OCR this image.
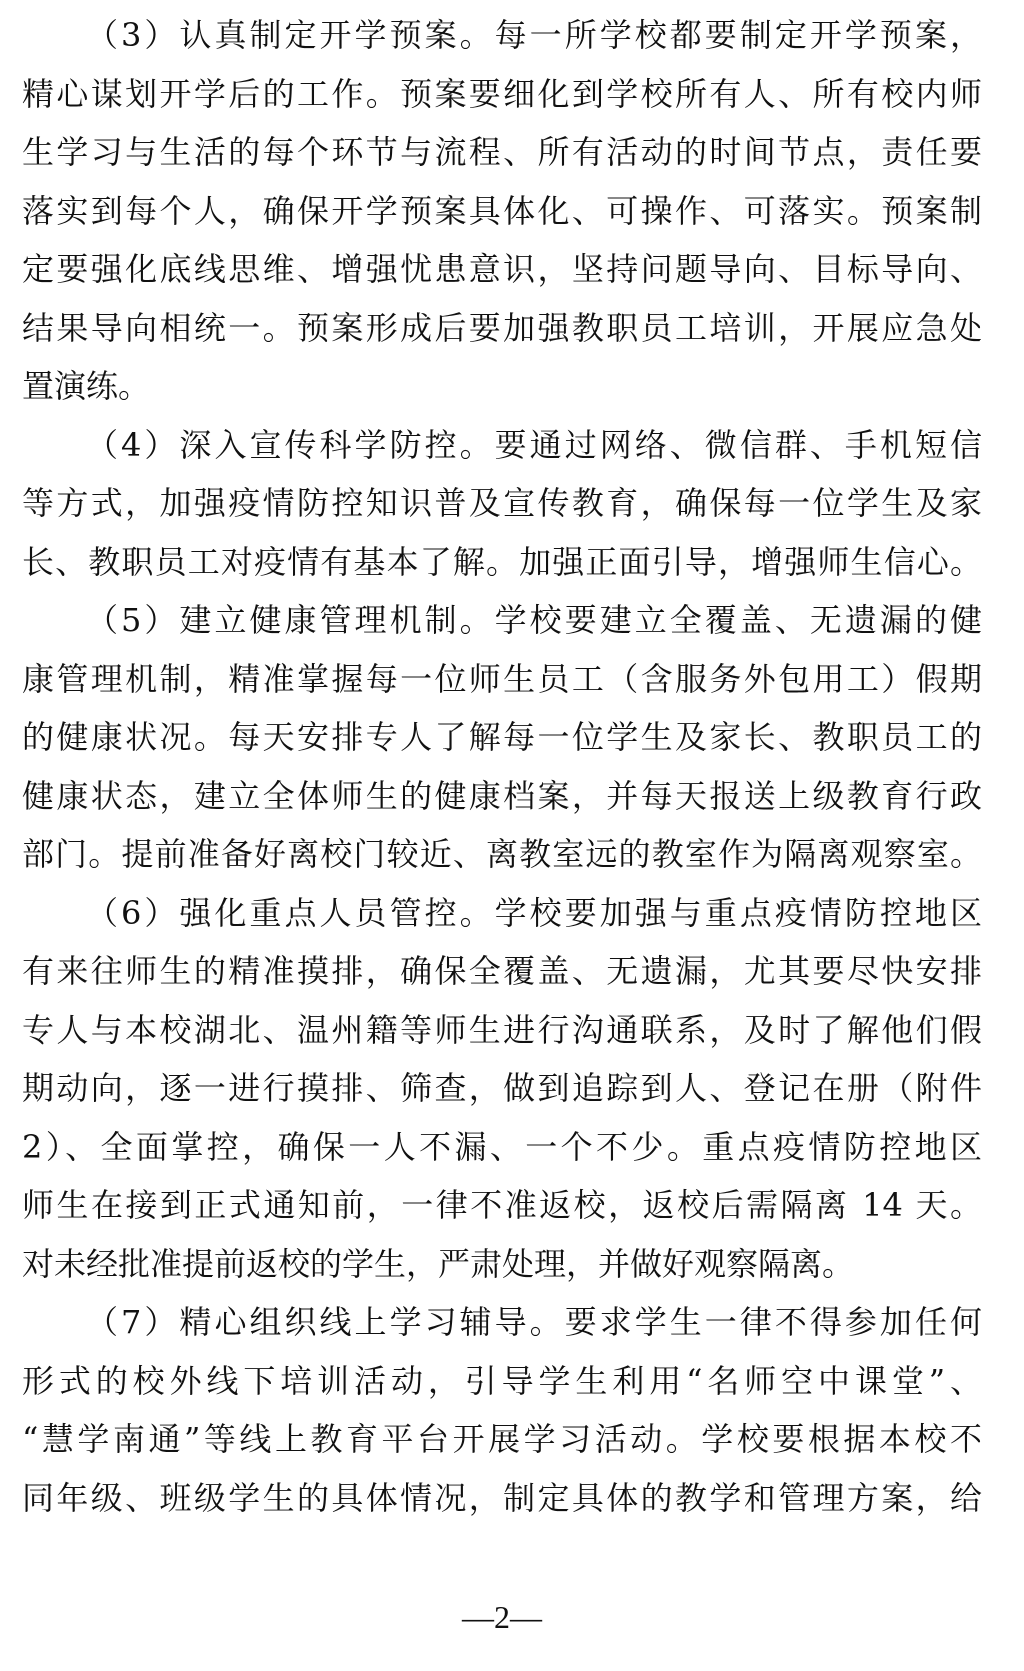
（3）认真制定开学预案。每一所学校都要制定开学预案，
精心谋划开学后的工作。预案要细化到学校所有人、所有校内师
生学习与生活的每个环节与流程、所有活动的时间节点，责任要
落实到每个人，确保开学预案具体化、可操作、可落实。预案制
定要强化底线思维、增强忧患意识，坚持问题导向、目标导向、
结果导向相统一。预案形成后要加强教职员工培训，开展应急处
置演练。
（4）深入宣传科学防控。要通过网络、微信群、手机短信
等方式，加强疫情防控知识普及宣传教育，确保每一位学生及家
长、教职员工对疫情有基本了解。加强正面引导，增强师生信心。
（5）建立健康管理机制。学校要建立全覆盖、无遗漏的健
康管理机制，精准掌握每一位师生员工（含服务外包用工）假期
的健康状况。每天安排专人了解每一位学生及家长、教职员工的
健康状态，建立全体师生的健康档案，并每天报送上级教育行政
部门。提前准备好离校门较近、离教室远的教室作为隔离观察室。
（6）强化重点人员管控。学校要加强与重点疫情防控地区
有来往师生的精准摸排，确保全覆盖、无遗漏，尤其要尽快安排
专人与本校湖北、温州籍等师生进行沟通联系，及时了解他们假
期动向，逐一进行摸排、筛查，做到追踪到人、登记在册（附件
2）、全面掌控，确保一人不漏、一个不少。重点疫情防控地区
师生在接到正式通知前，一律不准返校，返校后需隔离 14 天。
对未经批准提前返校的学生，严肃处理，并做好观察隔离。
（7）精心组织线上学习辅导。要求学生一律不得参加任何
形式的校外线下培训活动，引导学生利用“名师空中课堂”、
“慧学南通”等线上教育平台开展学习活动。学校要根据本校不
同年级、班级学生的具体情况，制定具体的教学和管理方案，给
—2—
